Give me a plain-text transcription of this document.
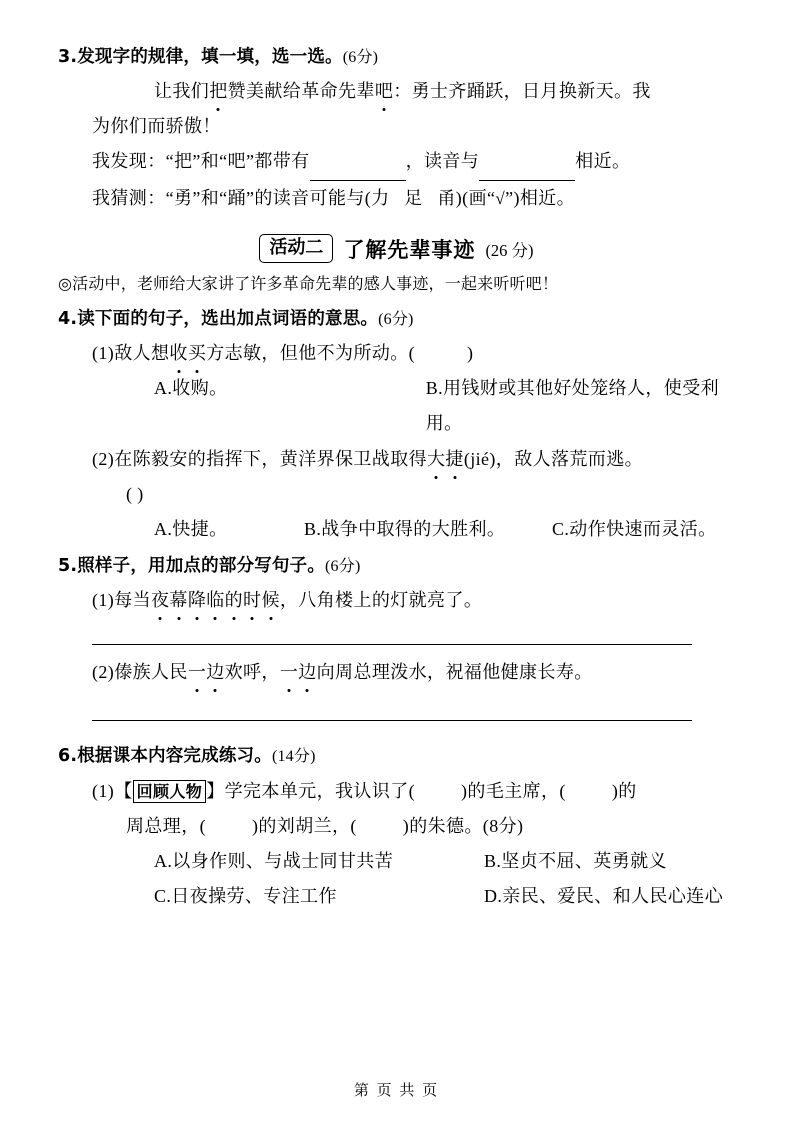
3.发现字的规律，填一填，选一选。(6分)

让我们把赞美献给革命先辈吧：勇士齐踊跃，日月换新天。我

为你们而骄傲！

我发现：“把”和“吧”都带有	，读音与	相近。

我猜测：“勇”和“踊”的读音可能与(力 足 甬)(画“√”)相近。

活动二 了解先辈事迹 (26 分)

◎活动中，老师给大家讲了许多革命先辈的感人事迹，一起来听听吧！

4.读下面的句子，选出加点词语的意思。(6分)

(1)敌人想收买方志敏，但他不为所动。(	)

A.收购。	B.用钱财或其他好处笼络人，使受利用。

(2)在陈毅安的指挥下，黄洋界保卫战取得大捷(jié)，敌人落荒而逃。

( )

A.快捷。	B.战争中取得的大胜利。	C.动作快速而灵活。

5.照样子，用加点的部分写句子。(6分)

(1)每当夜幕降临的时候，八角楼上的灯就亮了。

(2)傣族人民一边欢呼，一边向周总理泼水，祝福他健康长寿。

6.根据课本内容完成练习。(14分)

(1)【 回顾人物 】学完本单元，我认识了(	)的毛主席，(	)的

周总理，(	)的刘胡兰，(	)的朱德。(8分)

A.以身作则、与战士同甘共苦	B.坚贞不屈、英勇就义
C.日夜操劳、专注工作	D.亲民、爱民、和人民心连心
第 页 共 页
